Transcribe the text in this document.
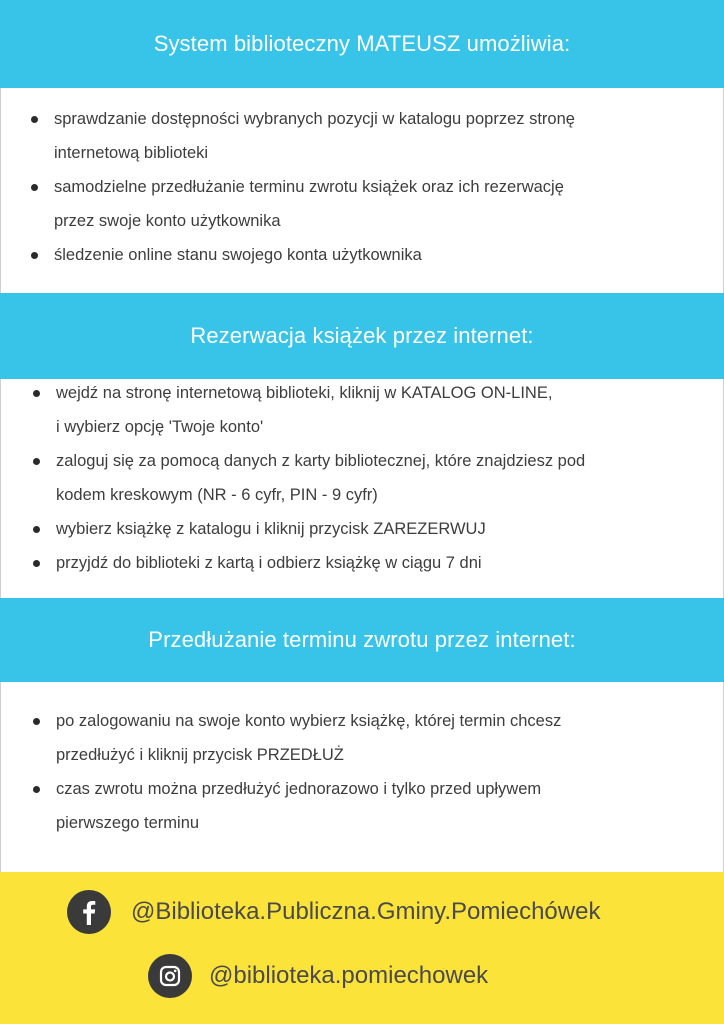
System biblioteczny MATEUSZ umożliwia:
sprawdzanie dostępności wybranych pozycji w katalogu poprzez stronę
internetową biblioteki
samodzielne przedłużanie terminu zwrotu książek oraz ich rezerwację
przez swoje konto użytkownika
śledzenie online stanu swojego konta użytkownika
Rezerwacja książek przez internet:
wejdź na stronę internetową biblioteki, kliknij w KATALOG ON-LINE,
i wybierz opcję 'Twoje konto'
zaloguj się za pomocą danych z karty bibliotecznej, które znajdziesz pod
kodem kreskowym (NR - 6 cyfr, PIN - 9 cyfr)
wybierz książkę z katalogu i kliknij przycisk ZAREZERWUJ
przyjdź do biblioteki z kartą i odbierz książkę w ciągu 7 dni
Przedłużanie terminu zwrotu przez internet:
po zalogowaniu na swoje konto wybierz książkę, której termin chcesz
przedłużyć i kliknij przycisk PRZEDŁUŻ
czas zwrotu można przedłużyć jednorazowo i tylko przed upływem
pierwszego terminu
@Biblioteka.Publiczna.Gminy.Pomiechówek
@biblioteka.pomiechowek
